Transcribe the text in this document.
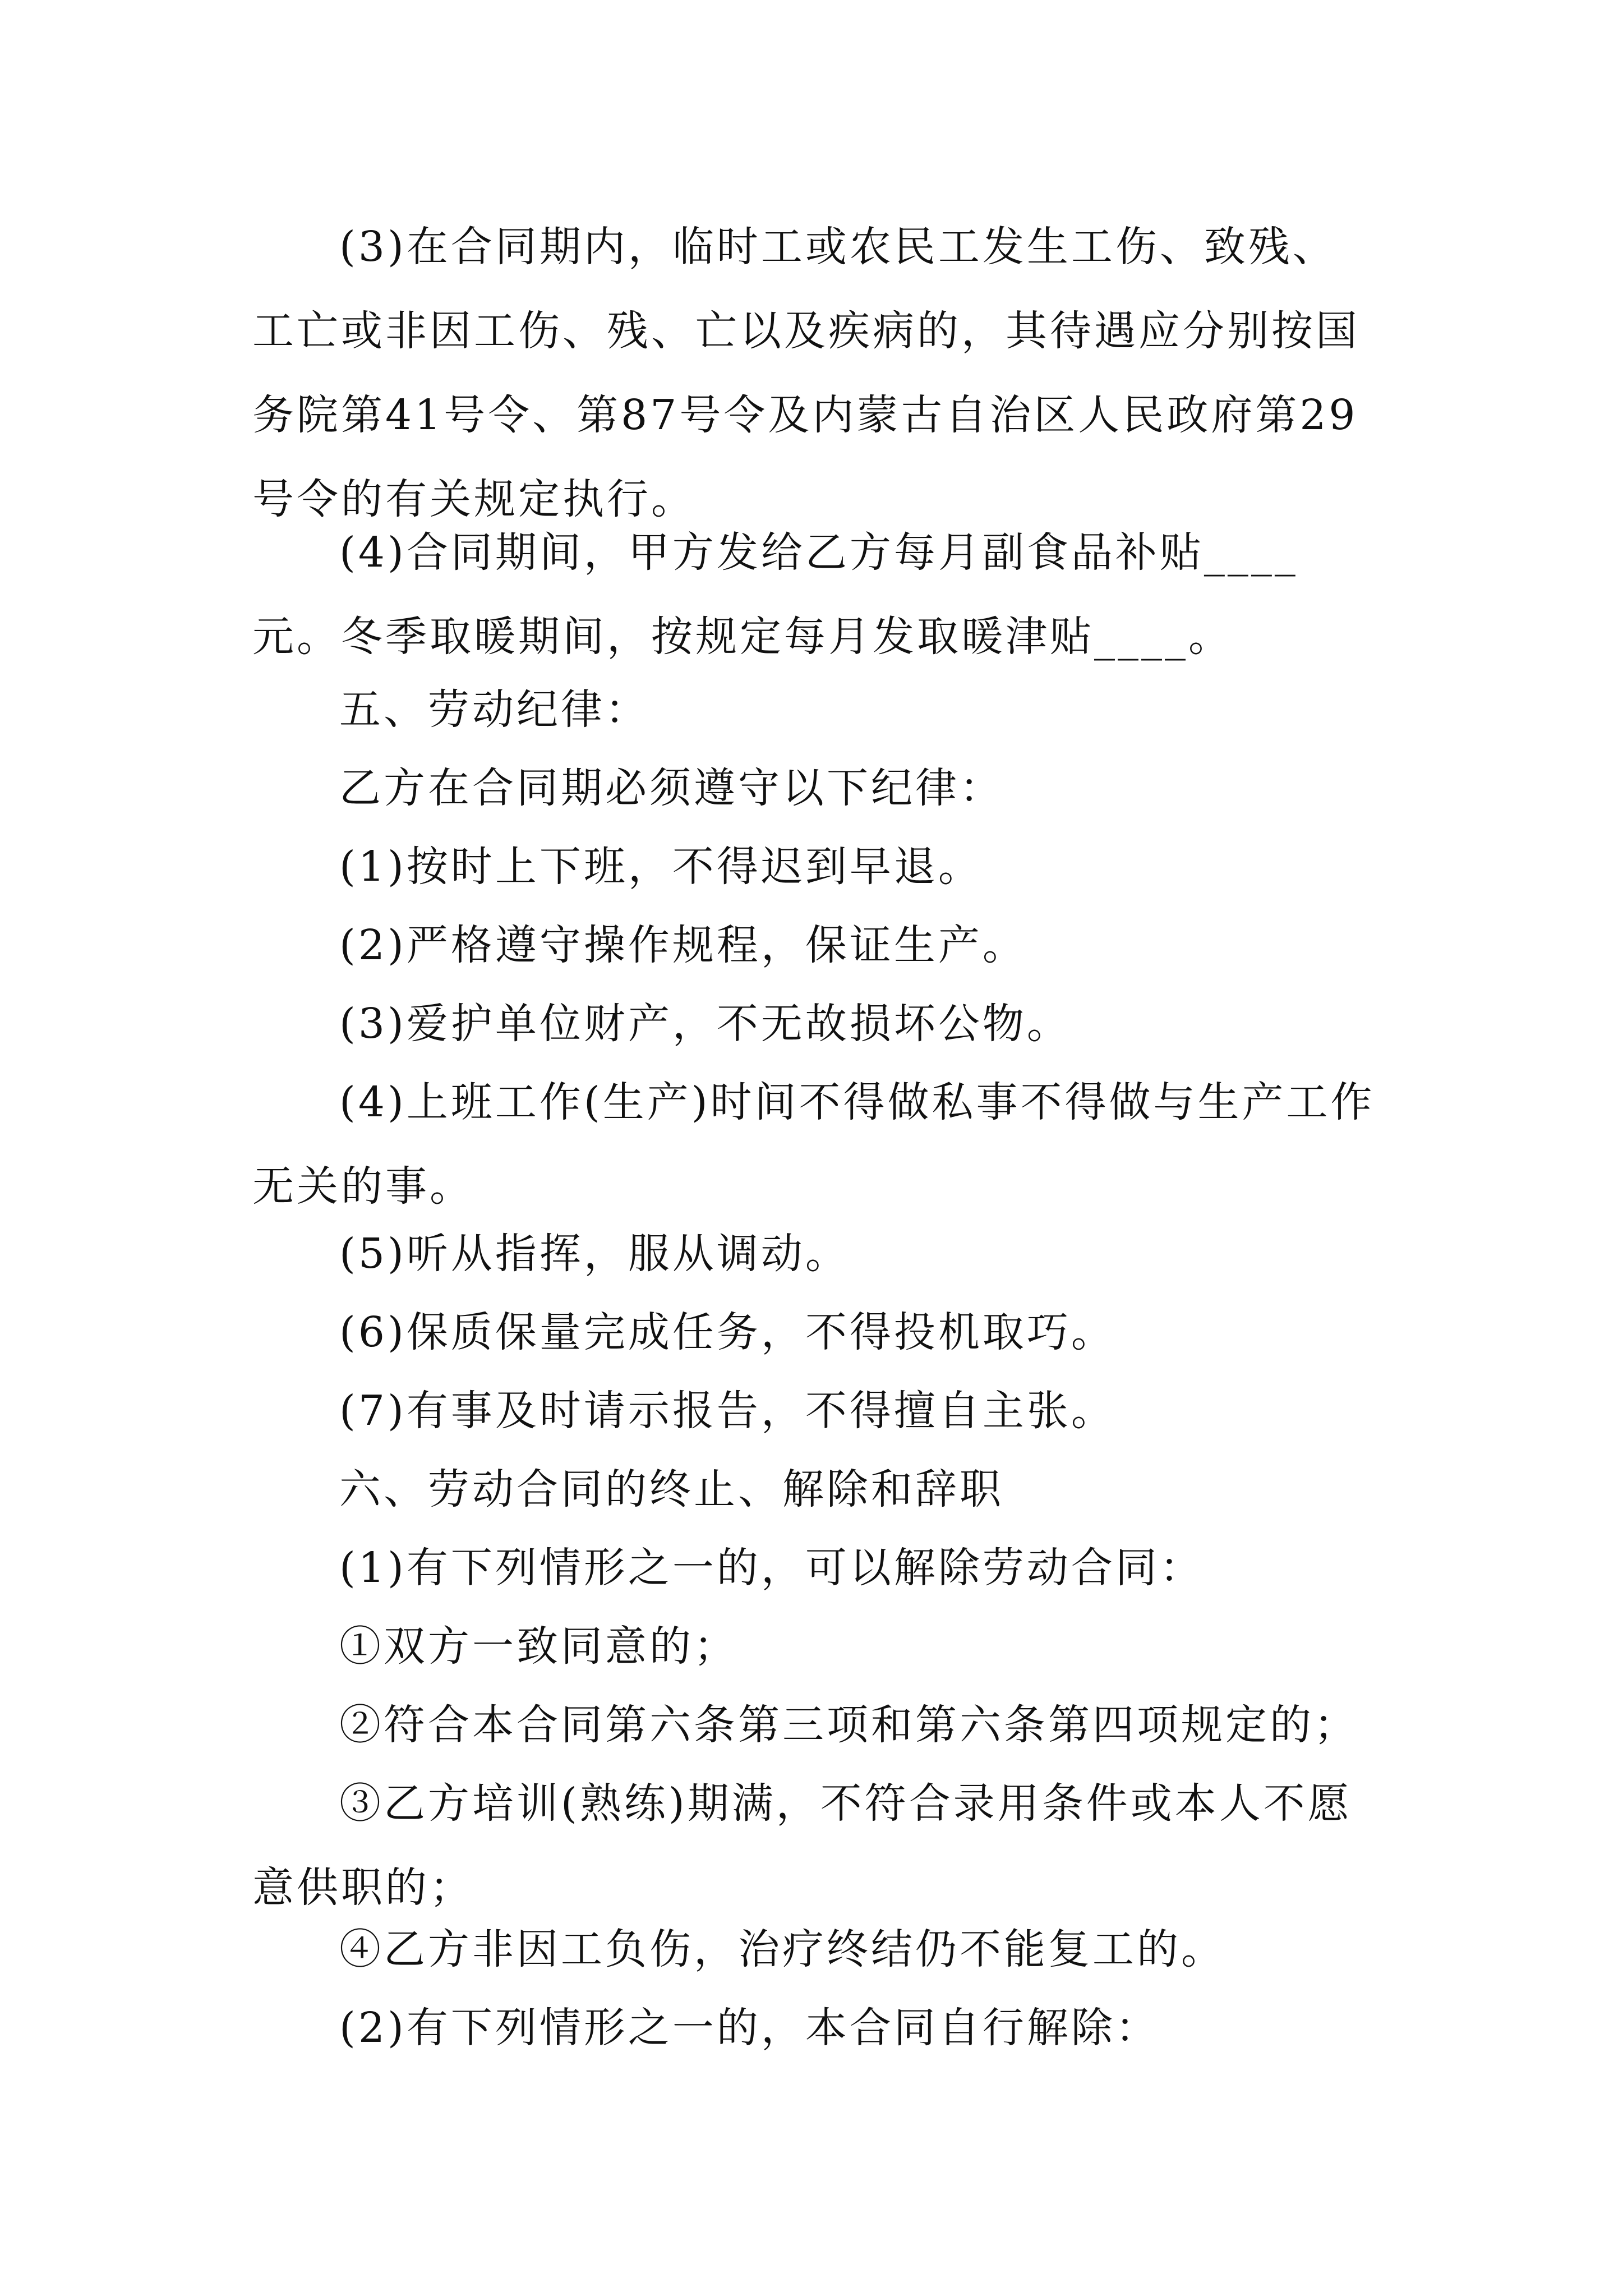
(3)在合同期内，临时工或农民工发生工伤、致残、工亡或非因工伤、残、亡以及疾病的，其待遇应分别按国务院第41号令、第87号令及内蒙古自治区人民政府第29号令的有关规定执行。

(4)合同期间，甲方发给乙方每月副食品补贴____元。冬季取暖期间，按规定每月发取暖津贴____。

五、劳动纪律：

乙方在合同期必须遵守以下纪律：

(1)按时上下班，不得迟到早退。

(2)严格遵守操作规程，保证生产。

(3)爱护单位财产，不无故损坏公物。

(4)上班工作(生产)时间不得做私事不得做与生产工作无关的事。

(5)听从指挥，服从调动。

(6)保质保量完成任务，不得投机取巧。

(7)有事及时请示报告，不得擅自主张。

六、劳动合同的终止、解除和辞职

(1)有下列情形之一的，可以解除劳动合同：

①双方一致同意的；

②符合本合同第六条第三项和第六条第四项规定的；

③乙方培训(熟练)期满，不符合录用条件或本人不愿意供职的；

④乙方非因工负伤，治疗终结仍不能复工的。

(2)有下列情形之一的，本合同自行解除：
